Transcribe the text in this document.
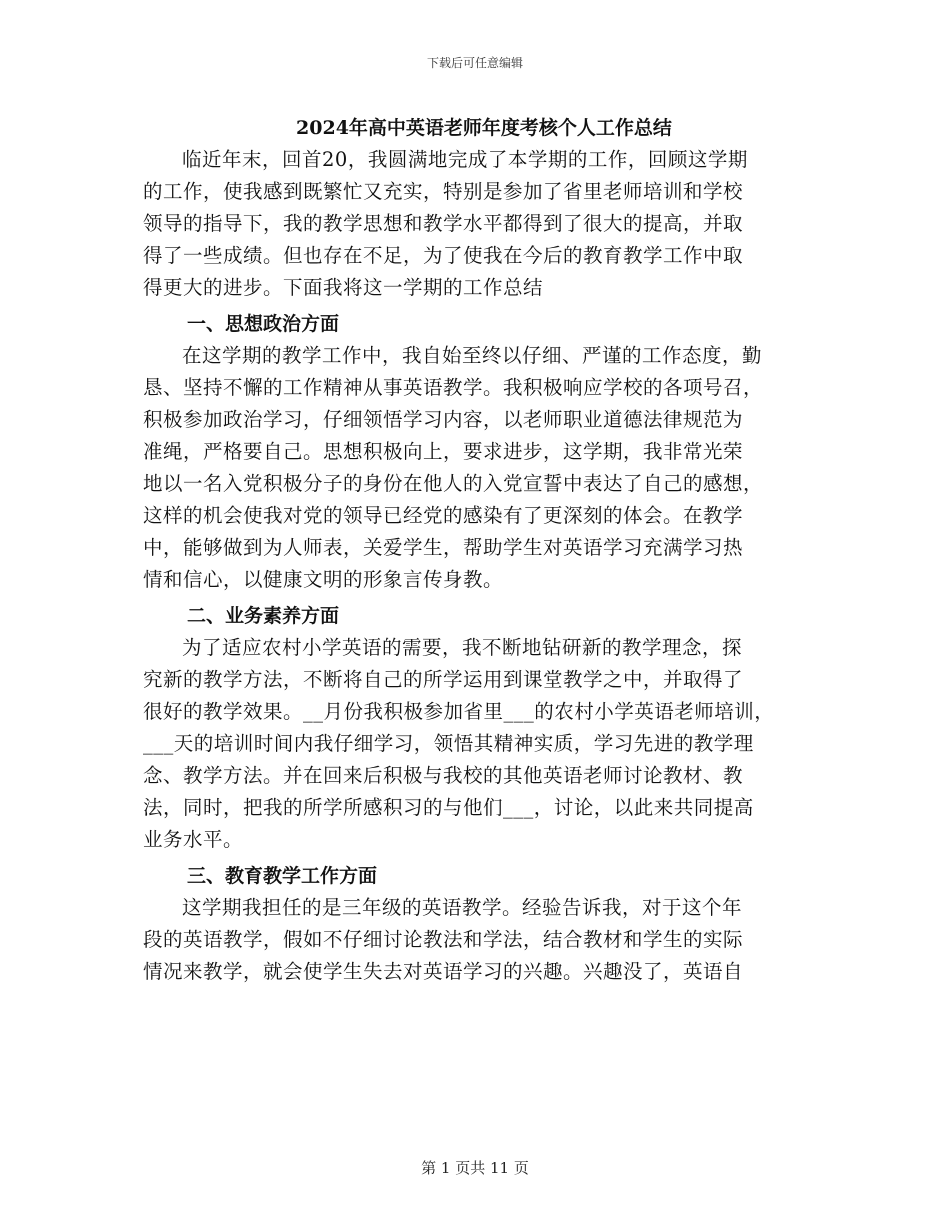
下载后可任意编辑
2024年高中英语老师年度考核个人工作总结

临近年末，回首20，我圆满地完成了本学期的工作，回顾这学期
的工作，使我感到既繁忙又充实，特别是参加了省里老师培训和学校
领导的指导下，我的教学思想和教学水平都得到了很大的提高，并取
得了一些成绩。但也存在不足，为了使我在今后的教育教学工作中取
得更大的进步。下面我将这一学期的工作总结

一、思想政治方面

在这学期的教学工作中，我自始至终以仔细、严谨的工作态度，勤
恳、坚持不懈的工作精神从事英语教学。我积极响应学校的各项号召，
积极参加政治学习，仔细领悟学习内容，以老师职业道德法律规范为
准绳，严格要自己。思想积极向上，要求进步，这学期，我非常光荣
地以一名入党积极分子的身份在他人的入党宣誓中表达了自己的感想，
这样的机会使我对党的领导已经党的感染有了更深刻的体会。在教学
中，能够做到为人师表，关爱学生，帮助学生对英语学习充满学习热
情和信心，以健康文明的形象言传身教。

二、业务素养方面

为了适应农村小学英语的需要，我不断地钻研新的教学理念，探
究新的教学方法，不断将自己的所学运用到课堂教学之中，并取得了
很好的教学效果。__月份我积极参加省里___的农村小学英语老师培训，
___天的培训时间内我仔细学习，领悟其精神实质，学习先进的教学理
念、教学方法。并在回来后积极与我校的其他英语老师讨论教材、教
法，同时，把我的所学所感积习的与他们___，讨论，以此来共同提高
业务水平。

三、教育教学工作方面

这学期我担任的是三年级的英语教学。经验告诉我，对于这个年
段的英语教学，假如不仔细讨论教法和学法，结合教材和学生的实际
情况来教学，就会使学生失去对英语学习的兴趣。兴趣没了，英语自

第 1 页共 11 页
